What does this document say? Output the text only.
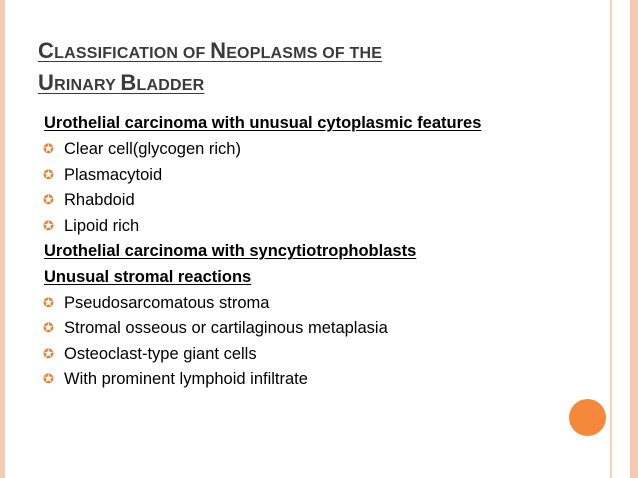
CLASSIFICATION OF NEOPLASMS OF THE
URINARY BLADDER
Urothelial carcinoma with unusual cytoplasmic features
✪ Clear cell(glycogen rich)
✪ Plasmacytoid
✪ Rhabdoid
✪ Lipoid rich
Urothelial carcinoma with syncytiotrophoblasts
Unusual stromal reactions
✪ Pseudosarcomatous stroma
✪ Stromal osseous or cartilaginous metaplasia
✪ Osteoclast-type giant cells
✪ With prominent lymphoid infiltrate
